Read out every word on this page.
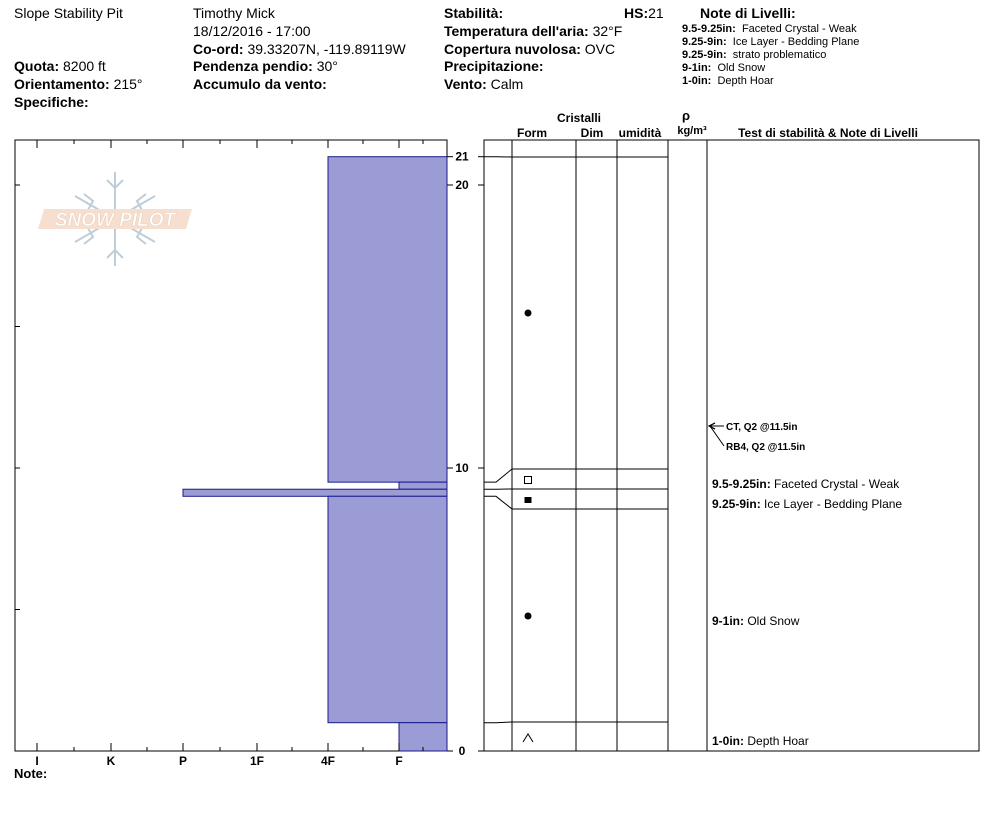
Slope Stability Pit
Quota: 8200 ft
Orientamento: 215°
Specifiche:
Timothy Mick
18/12/2016 - 17:00
Co-ord: 39.33207N, -119.89119W
Pendenza pendio: 30°
Accumulo da vento:
Stabilità:	HS:21
Temperatura dell'aria: 32°F
Copertura nuvolosa: OVC
Precipitazione:
Vento: Calm
Note di Livelli:
9.5-9.25in: Faceted Crystal - Weak
9.25-9in: Ice Layer - Bedding Plane
9.25-9in: strato problematico
9-1in: Old Snow
1-0in: Depth Hoar
Cristalli
Form	Dim umidità
ρ
kg/m³	Test di stabilità & Note di Livelli
SNOW PILOT
I	K	P	1F	4F	F
0
10
20
21
CT, Q2 @11.5in
RB4, Q2 @11.5in
9.5-9.25in: Faceted Crystal - Weak
9.25-9in: Ice Layer - Bedding Plane
9-1in: Old Snow
1-0in: Depth Hoar
Note:
